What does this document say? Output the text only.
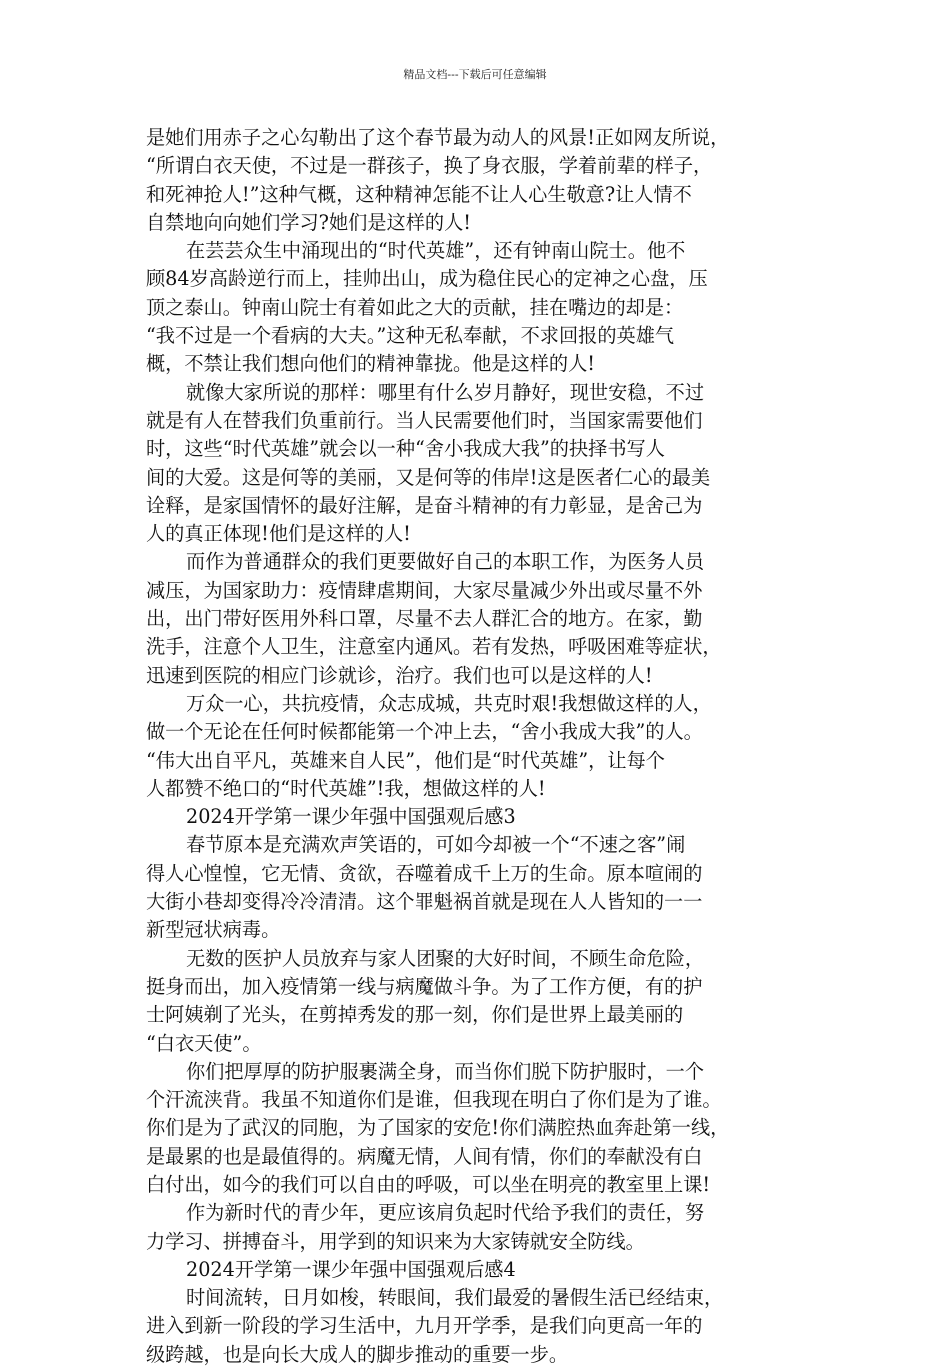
精品文档---下载后可任意编辑
是她们用赤子之心勾勒出了这个春节最为动人的风景!正如网友所说，
“所谓白衣天使，不过是一群孩子，换了身衣服，学着前辈的样子，
和死神抢人!”这种气概，这种精神怎能不让人心生敬意?让人情不
自禁地向向她们学习?她们是这样的人!
在芸芸众生中涌现出的“时代英雄”，还有钟南山院士。他不
顾84岁高龄逆行而上，挂帅出山，成为稳住民心的定神之心盘，压
顶之泰山。钟南山院士有着如此之大的贡献，挂在嘴边的却是：
“我不过是一个看病的大夫。”这种无私奉献，不求回报的英雄气
概，不禁让我们想向他们的精神靠拢。他是这样的人!
就像大家所说的那样：哪里有什么岁月静好，现世安稳，不过
就是有人在替我们负重前行。当人民需要他们时，当国家需要他们
时，这些“时代英雄”就会以一种“舍小我成大我”的抉择书写人
间的大爱。这是何等的美丽，又是何等的伟岸!这是医者仁心的最美
诠释，是家国情怀的最好注解，是奋斗精神的有力彰显，是舍己为
人的真正体现!他们是这样的人!
而作为普通群众的我们更要做好自己的本职工作，为医务人员
减压，为国家助力：疫情肆虐期间，大家尽量减少外出或尽量不外
出，出门带好医用外科口罩，尽量不去人群汇合的地方。在家，勤
洗手，注意个人卫生，注意室内通风。若有发热，呼吸困难等症状，
迅速到医院的相应门诊就诊，治疗。我们也可以是这样的人!
万众一心，共抗疫情，众志成城，共克时艰!我想做这样的人，
做一个无论在任何时候都能第一个冲上去，“舍小我成大我”的人。
“伟大出自平凡，英雄来自人民”，他们是“时代英雄”，让每个
人都赞不绝口的“时代英雄”!我，想做这样的人!
2024开学第一课少年强中国强观后感3
春节原本是充满欢声笑语的，可如今却被一个“不速之客”闹
得人心惶惶，它无情、贪欲，吞噬着成千上万的生命。原本喧闹的
大街小巷却变得冷冷清清。这个罪魁祸首就是现在人人皆知的一一
新型冠状病毒。
无数的医护人员放弃与家人团聚的大好时间，不顾生命危险，
挺身而出，加入疫情第一线与病魔做斗争。为了工作方便，有的护
士阿姨剃了光头，在剪掉秀发的那一刻，你们是世界上最美丽的
“白衣天使”。
你们把厚厚的防护服裹满全身，而当你们脱下防护服时，一个
个汗流浃背。我虽不知道你们是谁，但我现在明白了你们是为了谁。
你们是为了武汉的同胞，为了国家的安危!你们满腔热血奔赴第一线，
是最累的也是最值得的。病魔无情，人间有情，你们的奉献没有白
白付出，如今的我们可以自由的呼吸，可以坐在明亮的教室里上课!
作为新时代的青少年，更应该肩负起时代给予我们的责任，努
力学习、拼搏奋斗，用学到的知识来为大家铸就安全防线。
2024开学第一课少年强中国强观后感4
时间流转，日月如梭，转眼间，我们最爱的暑假生活已经结束，
进入到新一阶段的学习生活中，九月开学季，是我们向更高一年的
级跨越，也是向长大成人的脚步推动的重要一步。
